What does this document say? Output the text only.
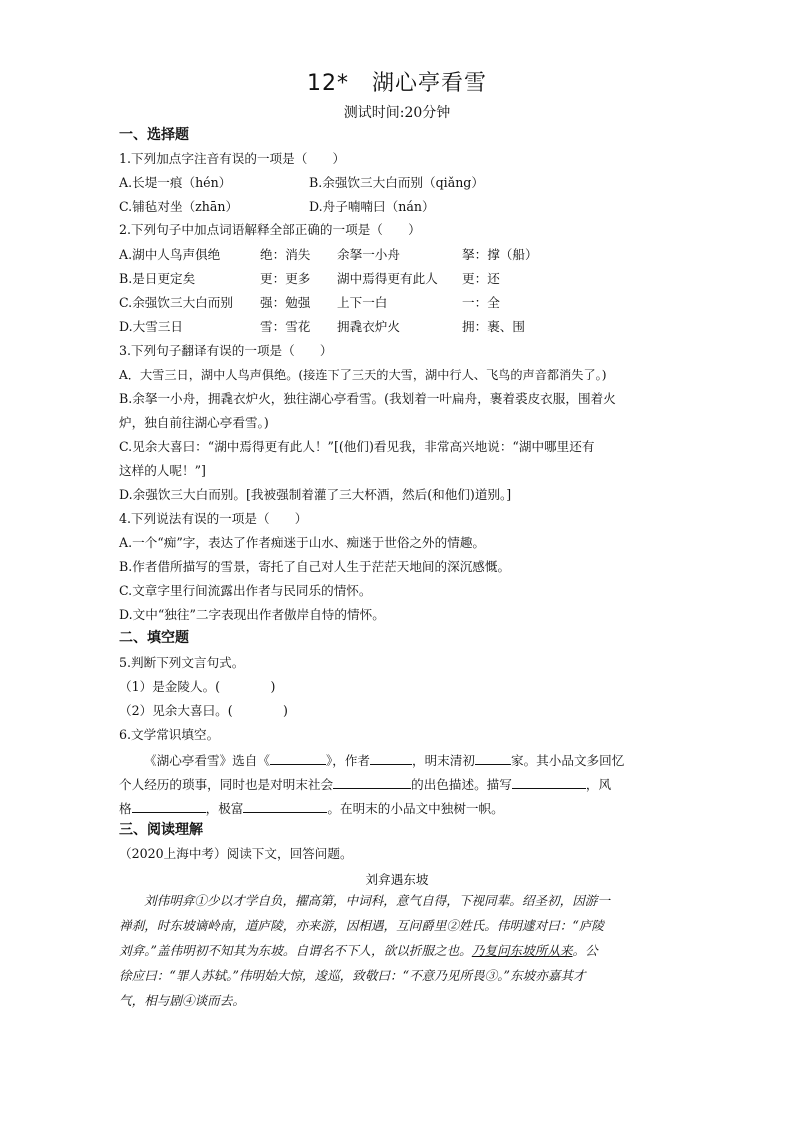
12*　湖心亭看雪
测试时间:20分钟
一、选择题
1.下列加点字注音有误的一项是（　　）
A.长堤一痕（hén）	B.余强饮三大白而别（qiǎng）
C.铺毡对坐（zhān）	D.舟子喃喃曰（nán）
2.下列句子中加点词语解释全部正确的一项是（　　）
A.湖中人鸟声俱绝	绝：消失 余拏一小舟	拏：撑（船）
B.是日更定矣	更：更多 湖中焉得更有此人 更：还
C.余强饮三大白而别 强：勉强 上下一白	一：全
D.大雪三日	雪：雪花 拥毳衣炉火	拥：裹、围
3.下列句子翻译有误的一项是（　　）
A．大雪三日，湖中人鸟声俱绝。(接连下了三天的大雪，湖中行人、飞鸟的声音都消失了。)
B.余拏一小舟，拥毳衣炉火，独往湖心亭看雪。(我划着一叶扁舟，裹着裘皮衣服，围着火
炉，独自前往湖心亭看雪。)
C.见余大喜曰：“湖中焉得更有此人！”[(他们)看见我，非常高兴地说：“湖中哪里还有
这样的人呢！”]
D.余强饮三大白而别。[我被强制着灌了三大杯酒，然后(和他们)道别。]
4.下列说法有误的一项是（　　）
A.一个“痴”字，表达了作者痴迷于山水、痴迷于世俗之外的情趣。
B.作者借所描写的雪景，寄托了自己对人生于茫茫天地间的深沉感慨。
C.文章字里行间流露出作者与民同乐的情怀。
D.文中“独往”二字表现出作者傲岸自恃的情怀。
二、填空题
5.判断下列文言句式。
（1）是金陵人。(　　　　)
（2）见余大喜曰。(　　　　)
6.文学常识填空。
《湖心亭看雪》选自《	》，作者	，明末清初	家。其小品文多回忆
个人经历的琐事，同时也是对明末社会	的出色描述。描写	，风
格	，极富	。在明末的小品文中独树一帜。
三、阅读理解
（2020上海中考）阅读下文，回答问题。
刘弇遇东坡
刘伟明弇①少以才学自负，擢高第，中词科，意气自得，下视同辈。绍圣初，因游一
禅刹，时东坡谪岭南，道庐陵，亦来游，因相遇，互问爵里②姓氏。伟明遽对曰：“庐陵
刘弇。”盖伟明初不知其为东坡。自谓名不下人，欲以折服之也。乃复问东坡所从来。公
徐应曰：“罪人苏轼。”伟明始大惊，逡巡，致敬曰：“不意乃见所畏③。”东坡亦嘉其才
气，相与剧④谈而去。
